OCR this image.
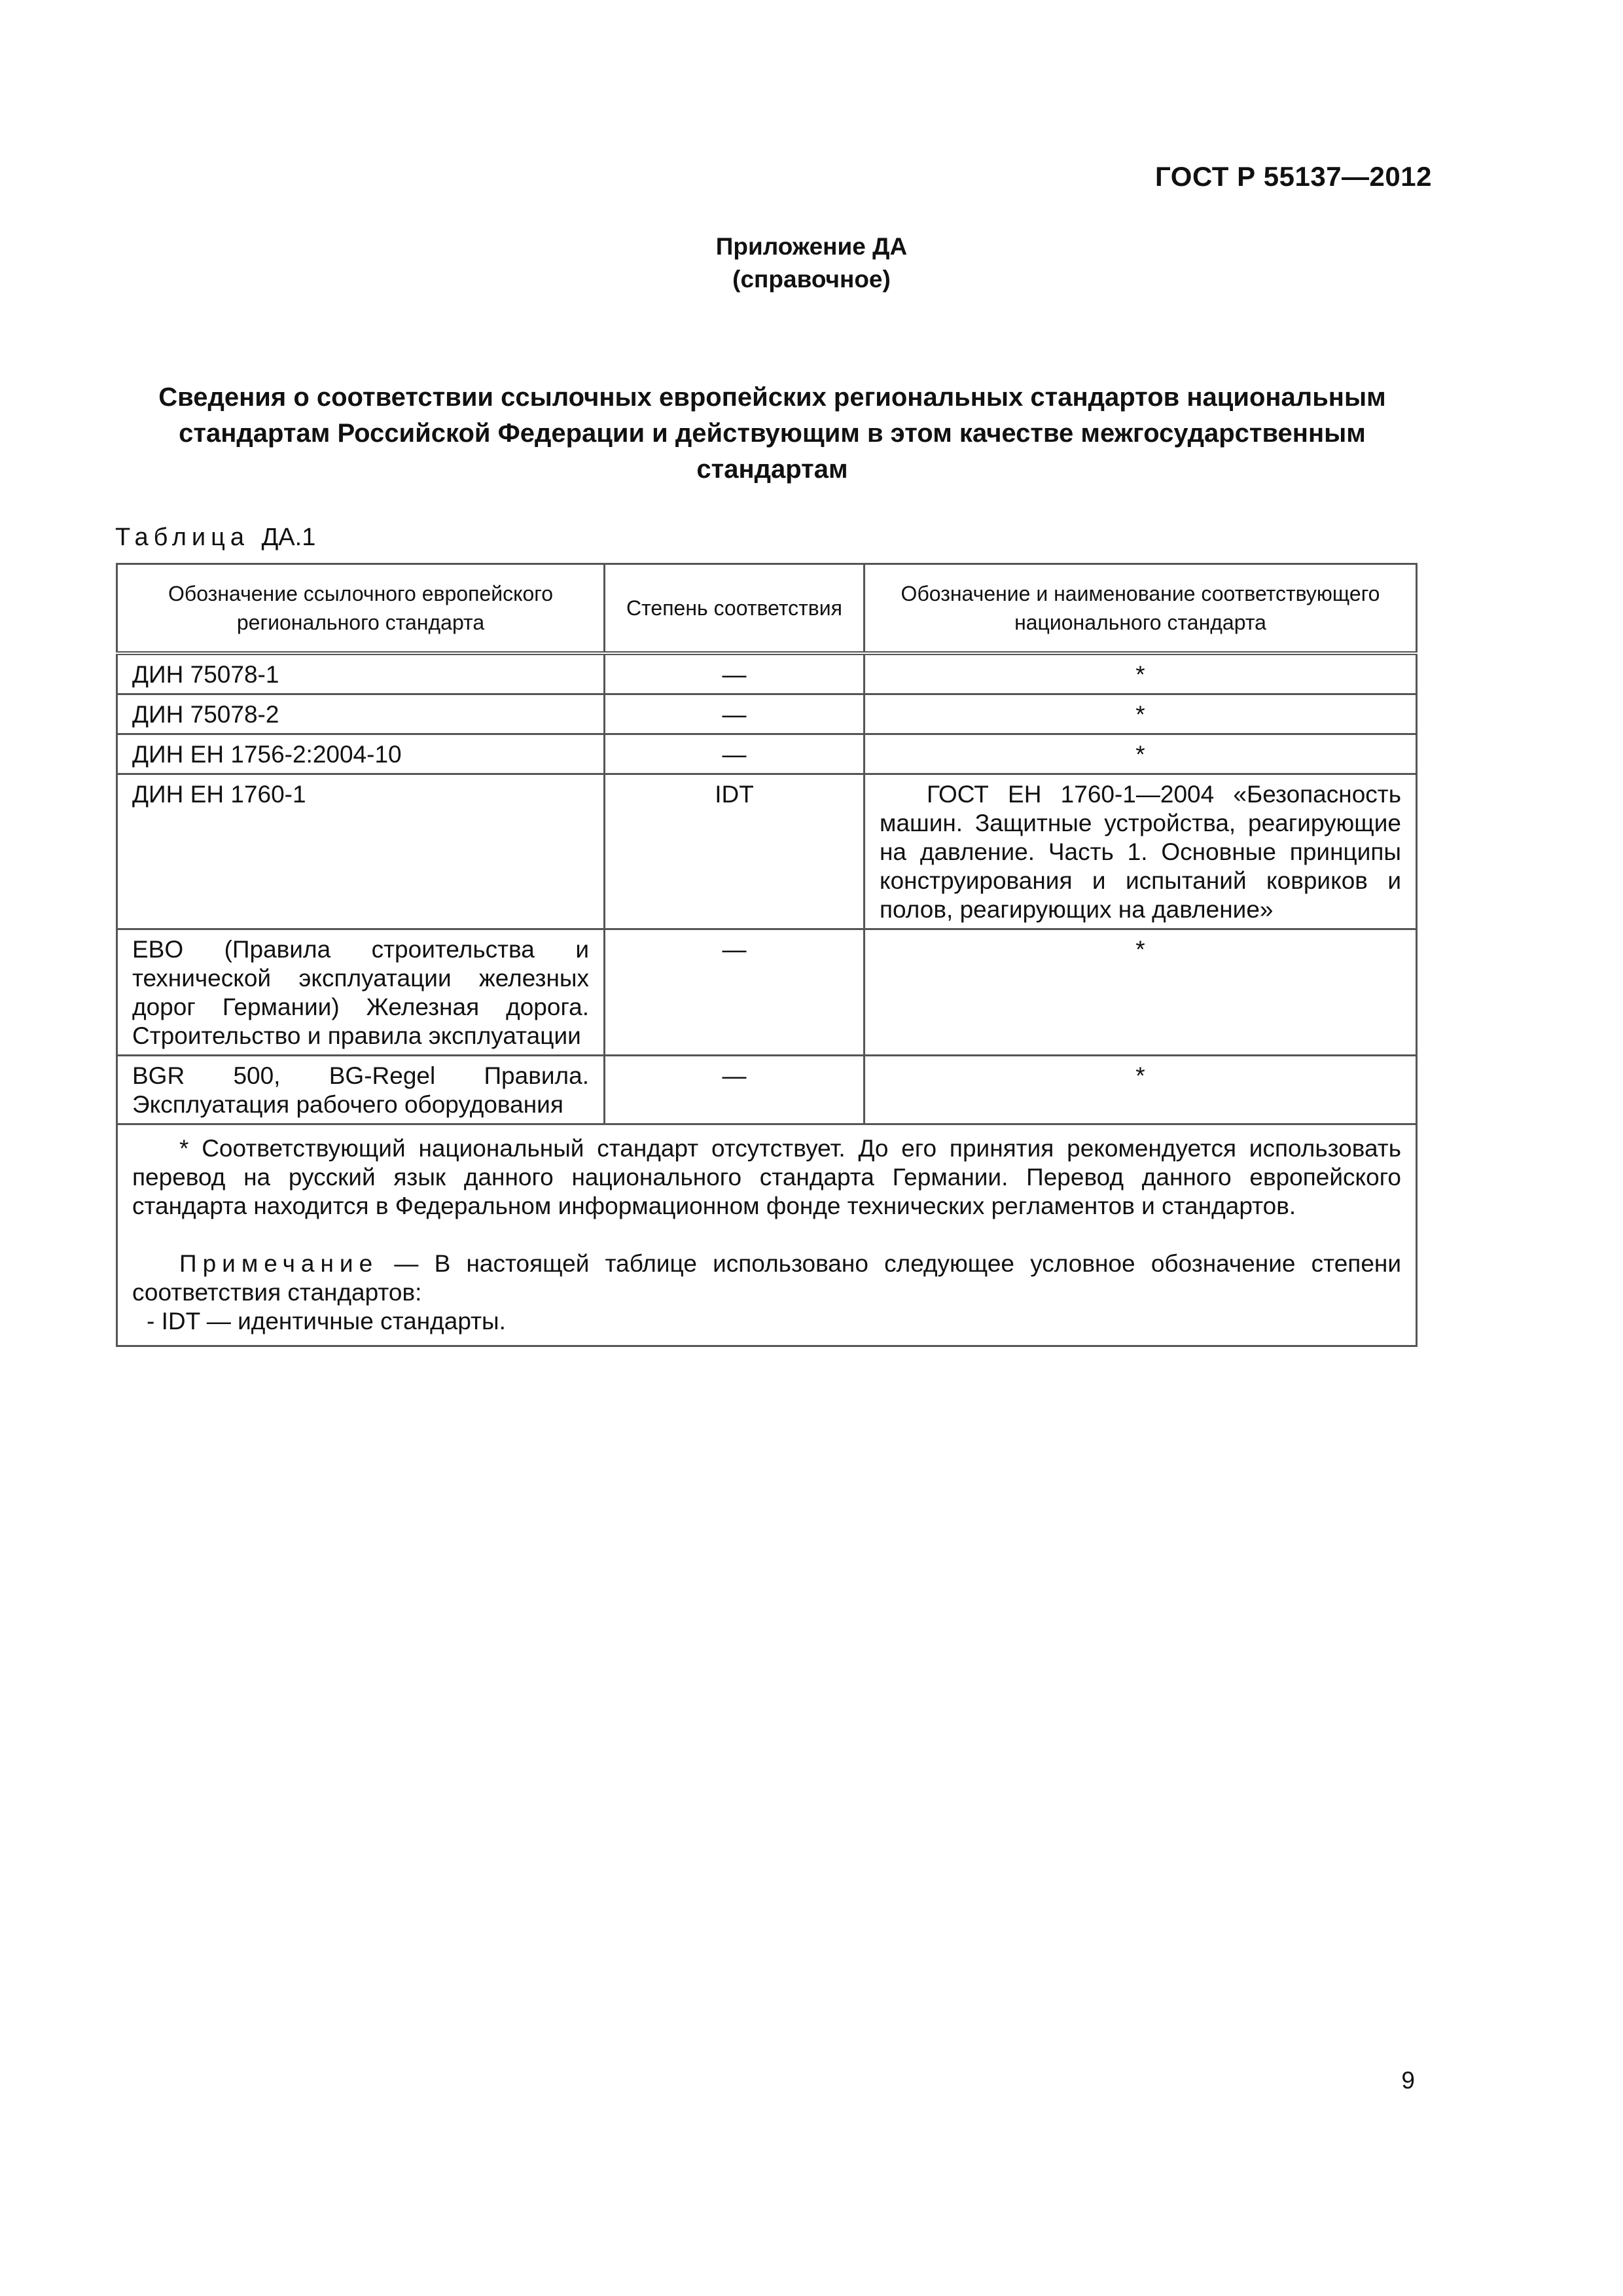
ГОСТ Р 55137—2012
Приложение ДА
(справочное)
Сведения о соответствии ссылочных европейских региональных стандартов национальным стандартам Российской Федерации и действующим в этом качестве межгосударственным стандартам
Таблица ДА.1
Обозначение ссылочного европейского регионального стандарта	Степень соответствия	Обозначение и наименование соответствующего национального стандарта
ДИН 75078-1	—	*
ДИН 75078-2	—	*
ДИН ЕН 1756-2:2004-10	—	*
ДИН ЕН 1760-1	IDT	ГОСТ ЕН 1760-1—2004 «Безопасность машин. Защитные устройства, реагирующие на давление. Часть 1. Основные принципы конструирования и испытаний ковриков и полов, реагирующих на давление»
EBO (Правила строительства и технической эксплуатации железных дорог Германии) Железная дорога. Строительство и правила эксплуатации	—	*
BGR 500, BG-Regel Правила. Эксплуатация рабочего оборудования	—	*

* Соответствующий национальный стандарт отсутствует. До его принятия рекомендуется использовать перевод на русский язык данного национального стандарта Германии. Перевод данного европейского стандарта находится в Федеральном информационном фонде технических регламентов и стандартов.
Примечание — В настоящей таблице использовано следующее условное обозначение степени соответствия стандартов:
- IDT — идентичные стандарты.		
9
